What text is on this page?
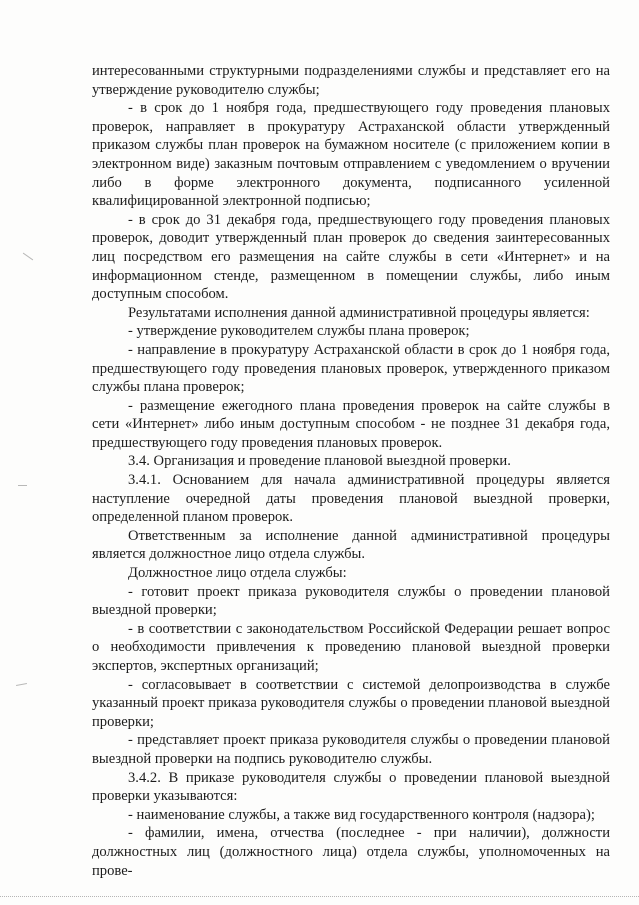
интересованными структурными подразделениями службы и представляет его на утверждение руководителю службы;

- в срок до 1 ноября года, предшествующего году проведения плановых проверок, направляет в прокуратуру Астраханской области утвержденный приказом службы план проверок на бумажном носителе (с приложением копии в электронном виде) заказным почтовым отправлением с уведомлением о вручении либо в форме электронного документа, подписанного усиленной квалифицированной электронной подписью;

- в срок до 31 декабря года, предшествующего году проведения плановых проверок, доводит утвержденный план проверок до сведения заинтересованных лиц посредством его размещения на сайте службы в сети «Интернет» и на информационном стенде, размещенном в помещении службы, либо иным доступным способом.

Результатами исполнения данной административной процедуры является:

- утверждение руководителем службы плана проверок;

- направление в прокуратуру Астраханской области в срок до 1 ноября года, предшествующего году проведения плановых проверок, утвержденного приказом службы плана проверок;

- размещение ежегодного плана проведения проверок на сайте службы в сети «Интернет» либо иным доступным способом - не позднее 31 декабря года, предшествующего году проведения плановых проверок.

3.4. Организация и проведение плановой выездной проверки.

3.4.1. Основанием для начала административной процедуры является наступление очередной даты проведения плановой выездной проверки, определенной планом проверок.

Ответственным за исполнение данной административной процедуры является должностное лицо отдела службы.

Должностное лицо отдела службы:

- готовит проект приказа руководителя службы о проведении плановой выездной проверки;

- в соответствии с законодательством Российской Федерации решает вопрос о необходимости привлечения к проведению плановой выездной проверки экспертов, экспертных организаций;

- согласовывает в соответствии с системой делопроизводства в службе указанный проект приказа руководителя службы о проведении плановой выездной проверки;

- представляет проект приказа руководителя службы о проведении плановой выездной проверки на подпись руководителю службы.

3.4.2. В приказе руководителя службы о проведении плановой выездной проверки указываются:

- наименование службы, а также вид государственного контроля (надзора);

- фамилии, имена, отчества (последнее - при наличии), должности должностных лиц (должностного лица) отдела службы, уполномоченных на прове-
